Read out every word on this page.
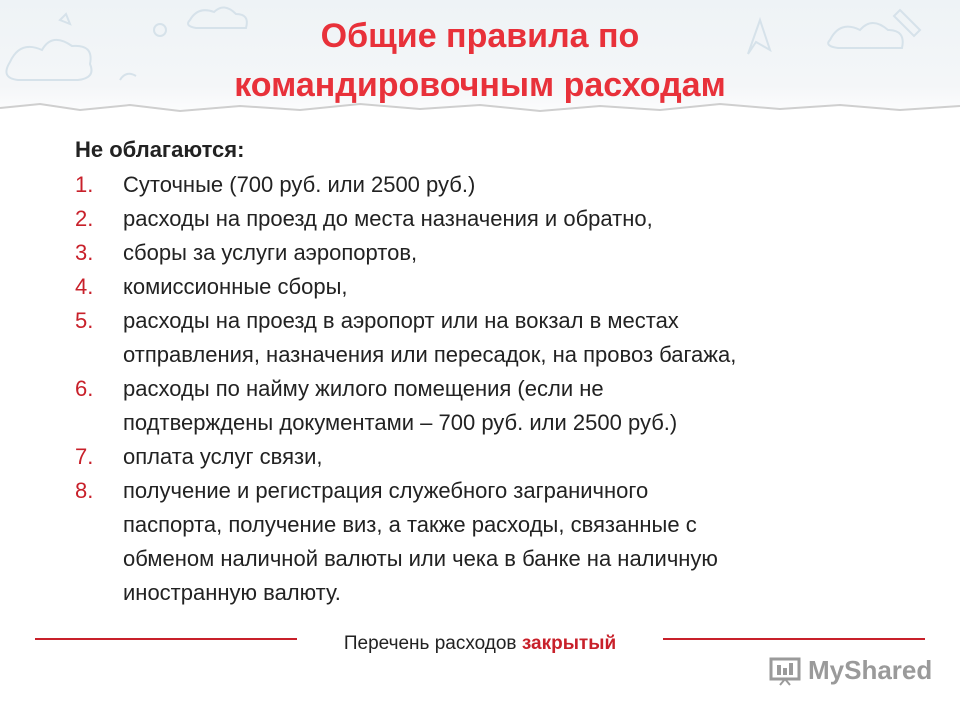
Общие правила по
командировочным расходам
Не облагаются:
1.	Суточные (700 руб. или 2500 руб.)
2.	расходы на проезд до места назначения и обратно,
3.	сборы за услуги аэропортов,
4.	комиссионные сборы,
5.	расходы на проезд в аэропорт или на вокзал в местах
отправления, назначения или пересадок, на провоз багажа,
6.	расходы по найму жилого помещения (если не
подтверждены документами – 700 руб. или 2500 руб.)
7.	оплата услуг связи,
8.	получение и регистрация служебного заграничного
паспорта, получение виз, а также расходы, связанные с
обменом наличной валюты или чека в банке на наличную
иностранную валюту.
Перечень расходов закрытый
MyShared
